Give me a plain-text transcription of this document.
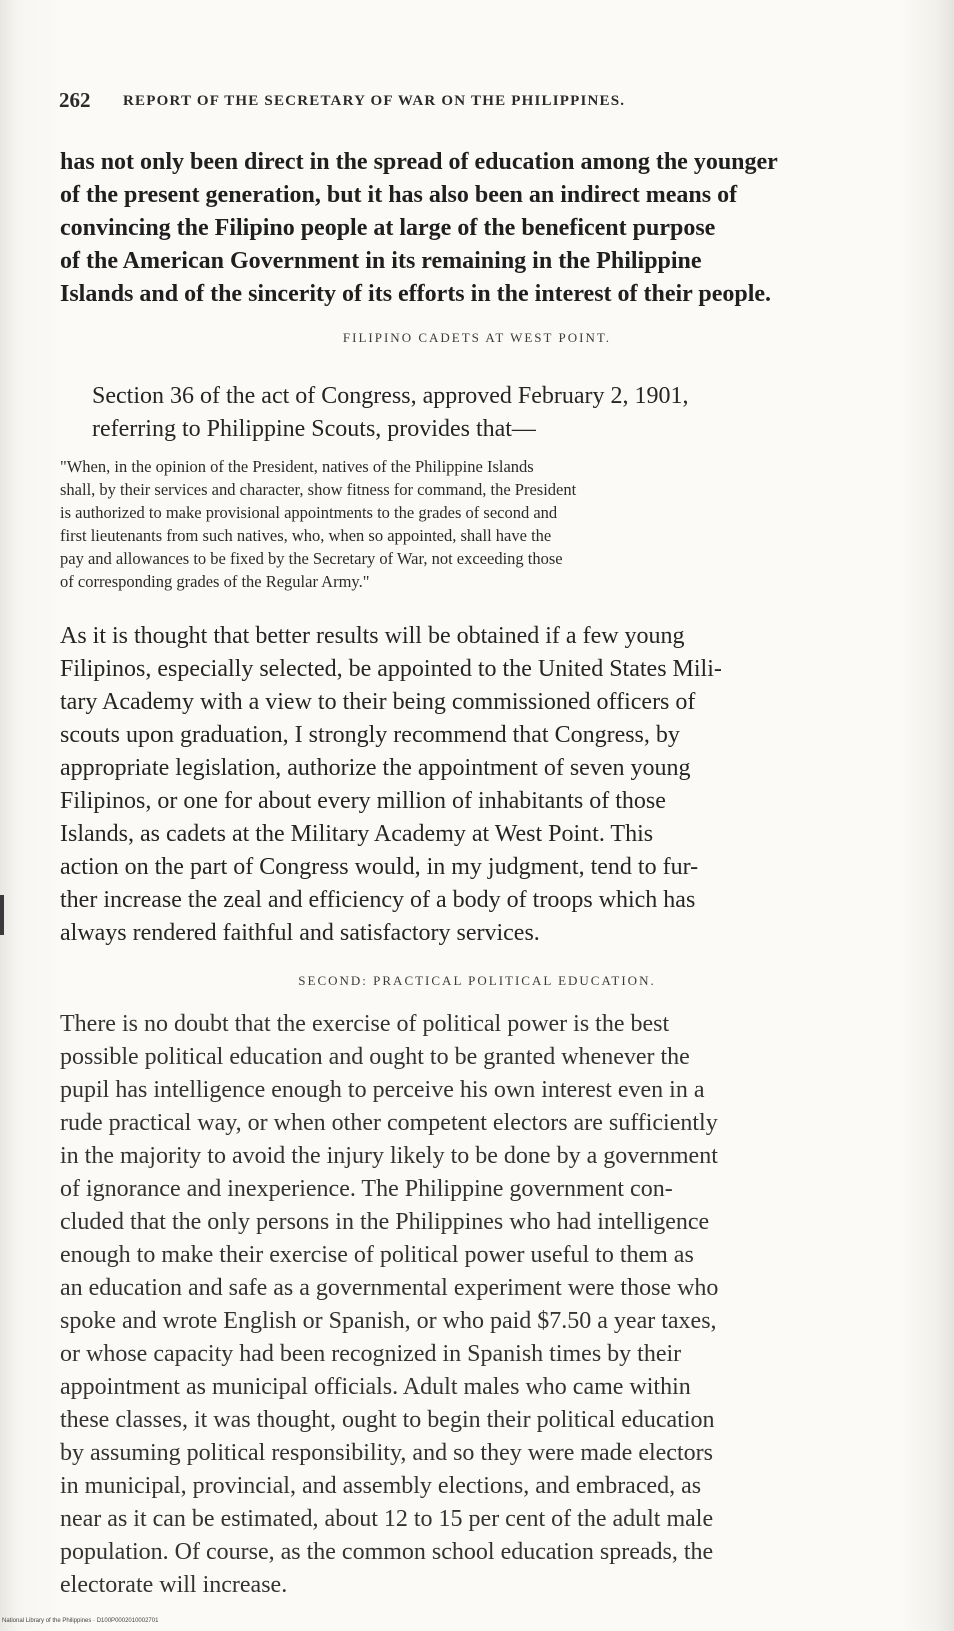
262 REPORT OF THE SECRETARY OF WAR ON THE PHILIPPINES.

has not only been direct in the spread of education among the younger
of the present generation, but it has also been an indirect means of
convincing the Filipino people at large of the beneficent purpose
of the American Government in its remaining in the Philippine
Islands and of the sincerity of its efforts in the interest of their people.

FILIPINO CADETS AT WEST POINT.

Section 36 of the act of Congress, approved February 2, 1901,
referring to Philippine Scouts, provides that—

"When, in the opinion of the President, natives of the Philippine Islands
shall, by their services and character, show fitness for command, the President
is authorized to make provisional appointments to the grades of second and
first lieutenants from such natives, who, when so appointed, shall have the
pay and allowances to be fixed by the Secretary of War, not exceeding those
of corresponding grades of the Regular Army."

As it is thought that better results will be obtained if a few young
Filipinos, especially selected, be appointed to the United States Mili-
tary Academy with a view to their being commissioned officers of
scouts upon graduation, I strongly recommend that Congress, by
appropriate legislation, authorize the appointment of seven young
Filipinos, or one for about every million of inhabitants of those
Islands, as cadets at the Military Academy at West Point. This
action on the part of Congress would, in my judgment, tend to fur-
ther increase the zeal and efficiency of a body of troops which has
always rendered faithful and satisfactory services.

SECOND: PRACTICAL POLITICAL EDUCATION.

There is no doubt that the exercise of political power is the best
possible political education and ought to be granted whenever the
pupil has intelligence enough to perceive his own interest even in a
rude practical way, or when other competent electors are sufficiently
in the majority to avoid the injury likely to be done by a government
of ignorance and inexperience. The Philippine government con-
cluded that the only persons in the Philippines who had intelligence
enough to make their exercise of political power useful to them as
an education and safe as a governmental experiment were those who
spoke and wrote English or Spanish, or who paid $7.50 a year taxes,
or whose capacity had been recognized in Spanish times by their
appointment as municipal officials. Adult males who came within
these classes, it was thought, ought to begin their political education
by assuming political responsibility, and so they were made electors
in municipal, provincial, and assembly elections, and embraced, as
near as it can be estimated, about 12 to 15 per cent of the adult male
population. Of course, as the common school education spreads, the
electorate will increase.

National Library of the Philippines · D100P0002010002701
